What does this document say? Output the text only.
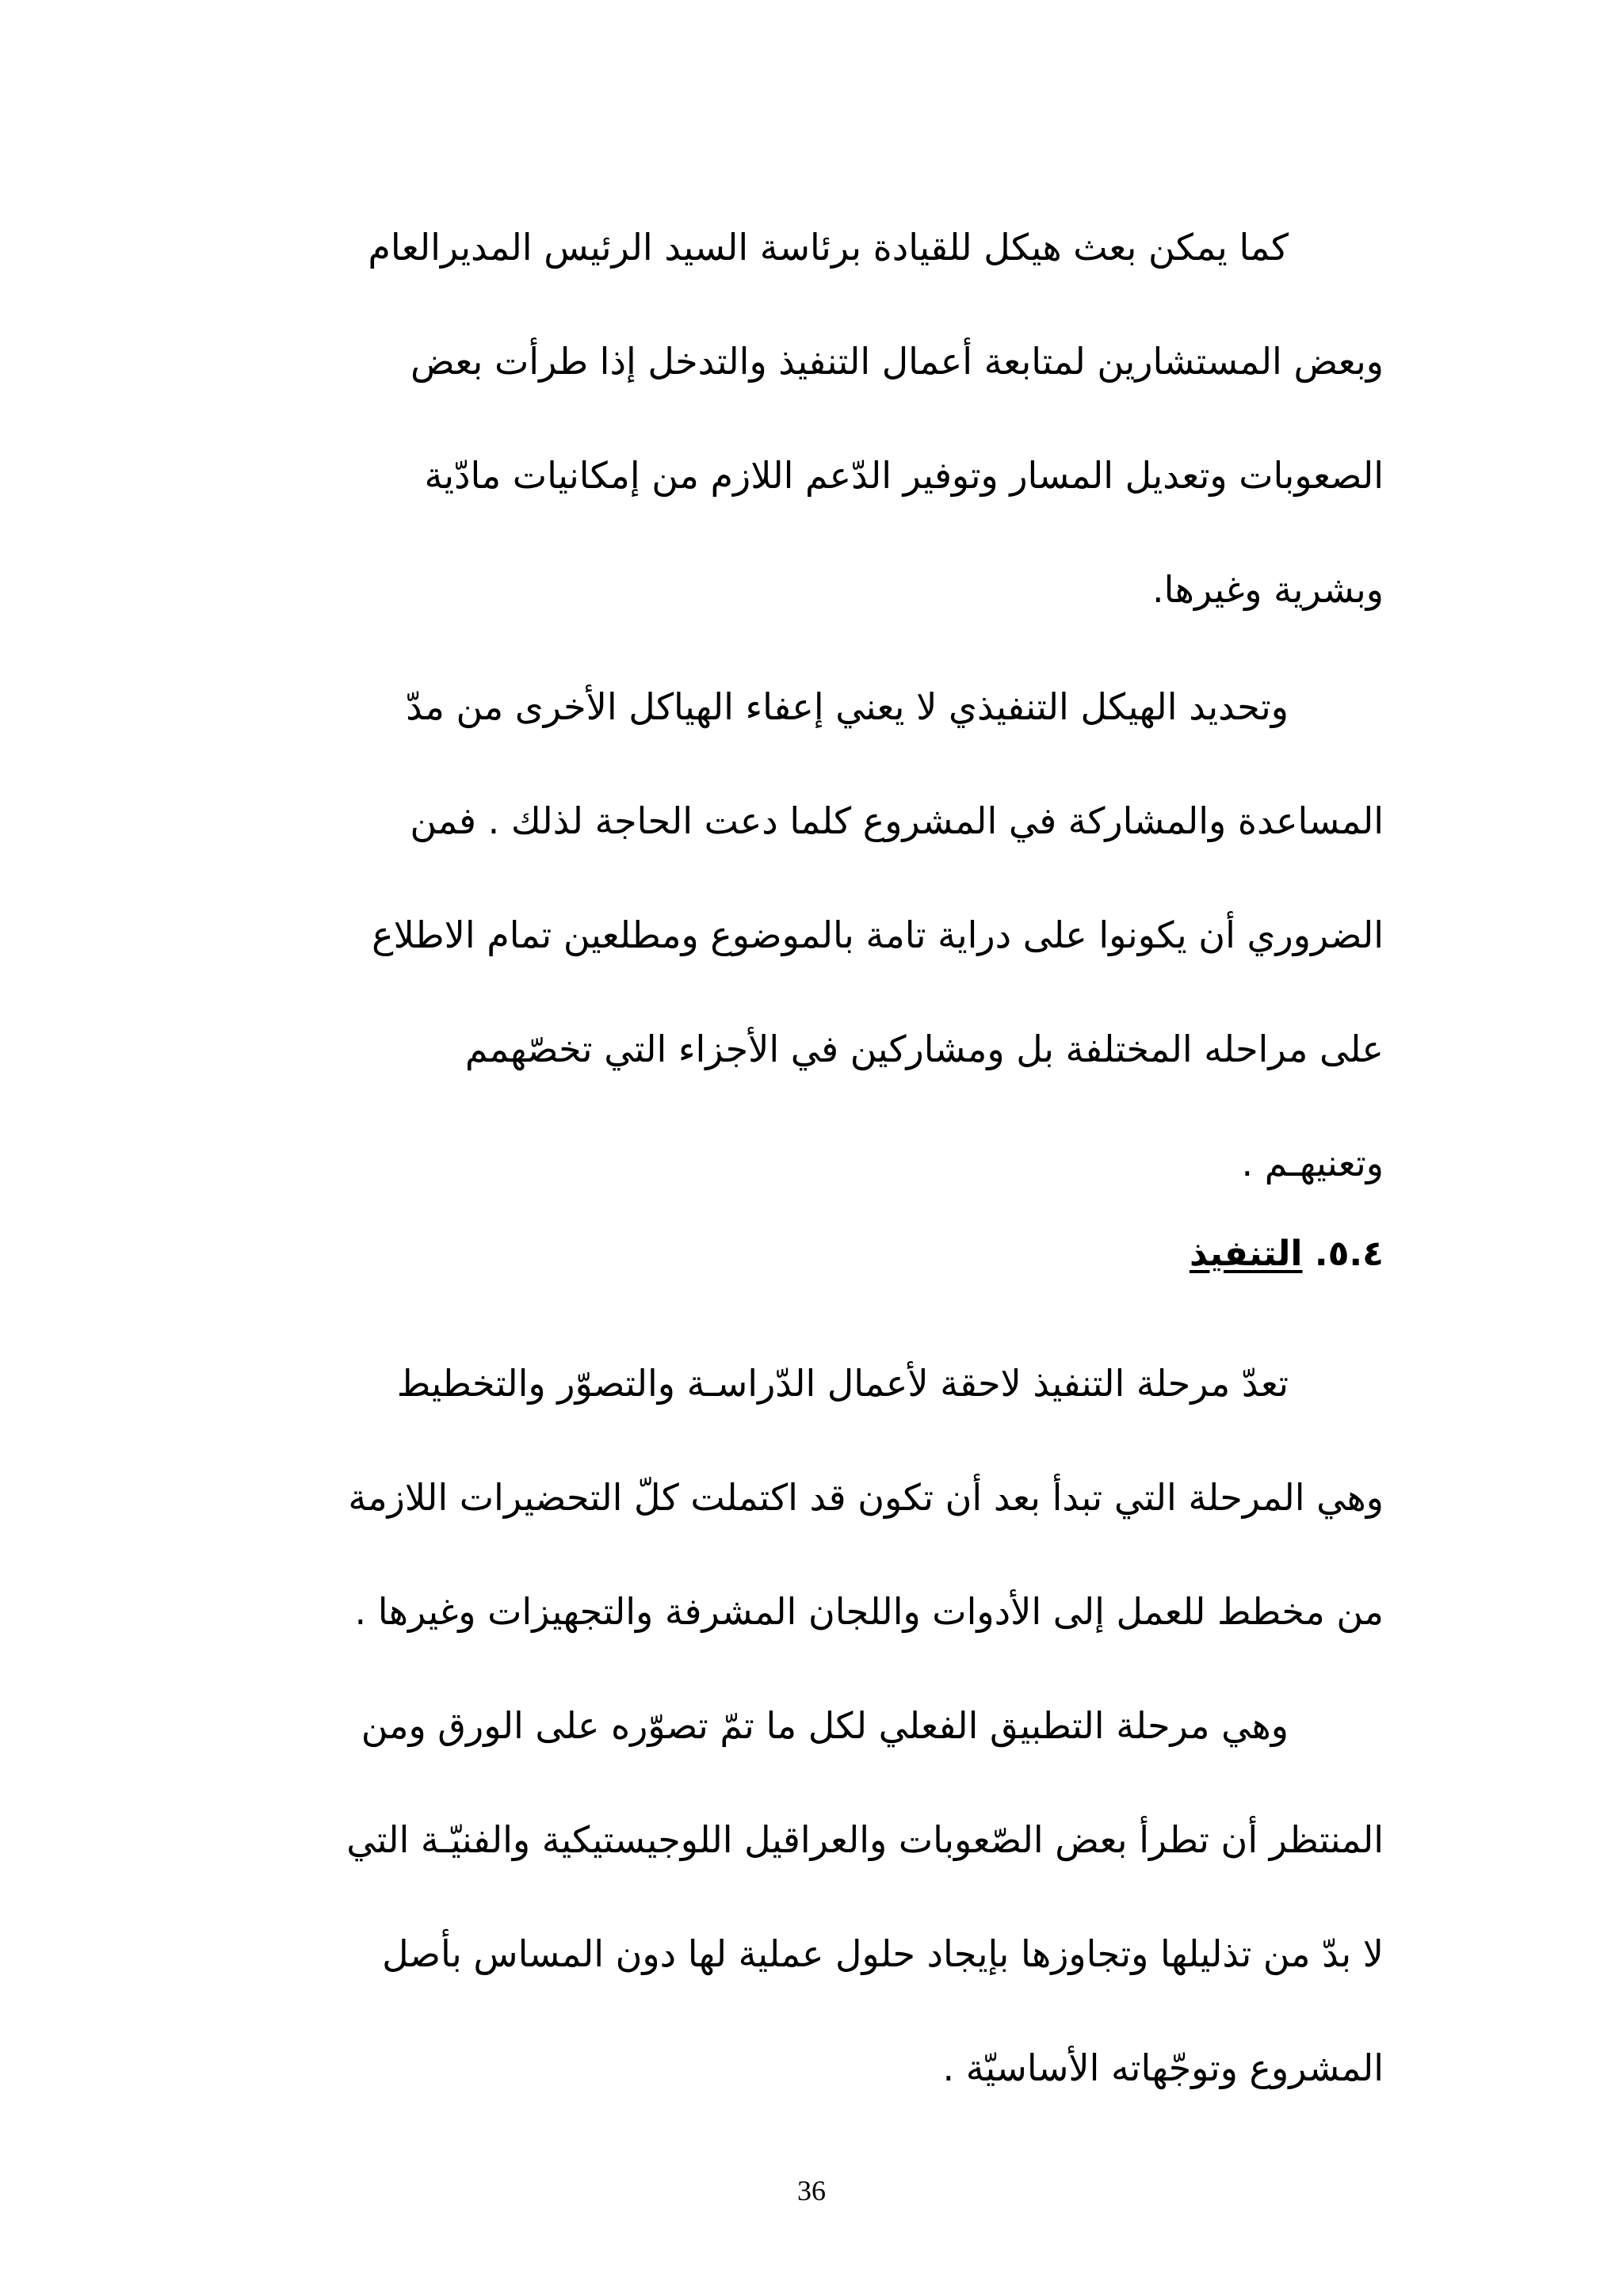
كما يمكن بعث هيكل للقيادة برئاسة السيد الرئيس المديرالعام
وبعض المستشارين لمتابعة أعمال التنفيذ والتدخل إذا طرأت بعض
الصعوبات وتعديل المسار وتوفير الدّعم اللازم من إمكانيات مادّية
وبشرية وغيرها.
وتحديد الهيكل التنفيذي لا يعني إعفاء الهياكل الأخرى من مدّ
المساعدة والمشاركة في المشروع كلما دعت الحاجة لذلك . فمن
الضروري أن يكونوا على دراية تامة بالموضوع ومطلعين تمام الاطلاع
على مراحله المختلفة بل ومشاركين في الأجزاء التي تخصّهمم
وتعنيهـم .
٥.٤. التنفيذ
تعدّ مرحلة التنفيذ لاحقة لأعمال الدّراسـة والتصوّر والتخطيط
وهي المرحلة التي تبدأ بعد أن تكون قد اكتملت كلّ التحضيرات اللازمة
من مخطط للعمل إلى الأدوات واللجان المشرفة والتجهيزات وغيرها .
وهي مرحلة التطبيق الفعلي لكل ما تمّ تصوّره على الورق ومن
المنتظر أن تطرأ بعض الصّعوبات والعراقيل اللوجيستيكية والفنيّـة التي
لا بدّ من تذليلها وتجاوزها بإيجاد حلول عملية لها دون المساس بأصل
المشروع وتوجّهاته الأساسيّة .
36
